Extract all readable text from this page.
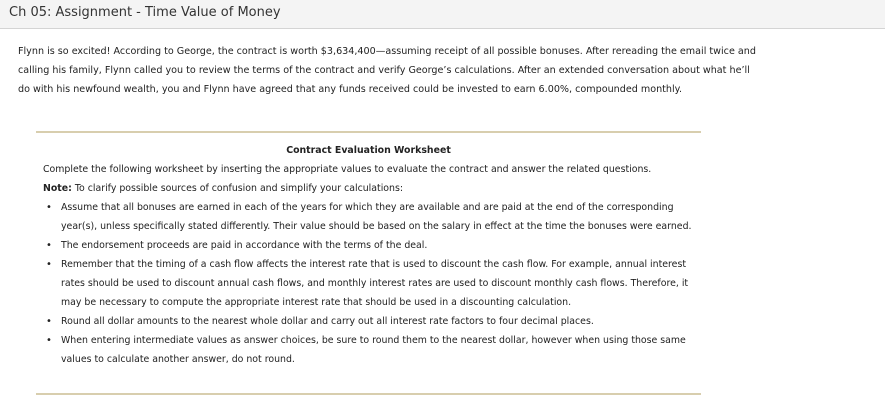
Ch 05: Assignment - Time Value of Money
Flynn is so excited! According to George, the contract is worth $3,634,400—assuming receipt of all possible bonuses. After rereading the email twice and calling his family, Flynn called you to review the terms of the contract and verify George’s calculations. After an extended conversation about what he’ll do with his newfound wealth, you and Flynn have agreed that any funds received could be invested to earn 6.00%, compounded monthly.
Contract Evaluation Worksheet
Complete the following worksheet by inserting the appropriate values to evaluate the contract and answer the related questions.
Note: To clarify possible sources of confusion and simplify your calculations:
• Assume that all bonuses are earned in each of the years for which they are available and are paid at the end of the corresponding year(s), unless specifically stated differently. Their value should be based on the salary in effect at the time the bonuses were earned.
• The endorsement proceeds are paid in accordance with the terms of the deal.
• Remember that the timing of a cash flow affects the interest rate that is used to discount the cash flow. For example, annual interest rates should be used to discount annual cash flows, and monthly interest rates are used to discount monthly cash flows. Therefore, it may be necessary to compute the appropriate interest rate that should be used in a discounting calculation.
• Round all dollar amounts to the nearest whole dollar and carry out all interest rate factors to four decimal places.
• When entering intermediate values as answer choices, be sure to round them to the nearest dollar, however when using those same values to calculate another answer, do not round.
